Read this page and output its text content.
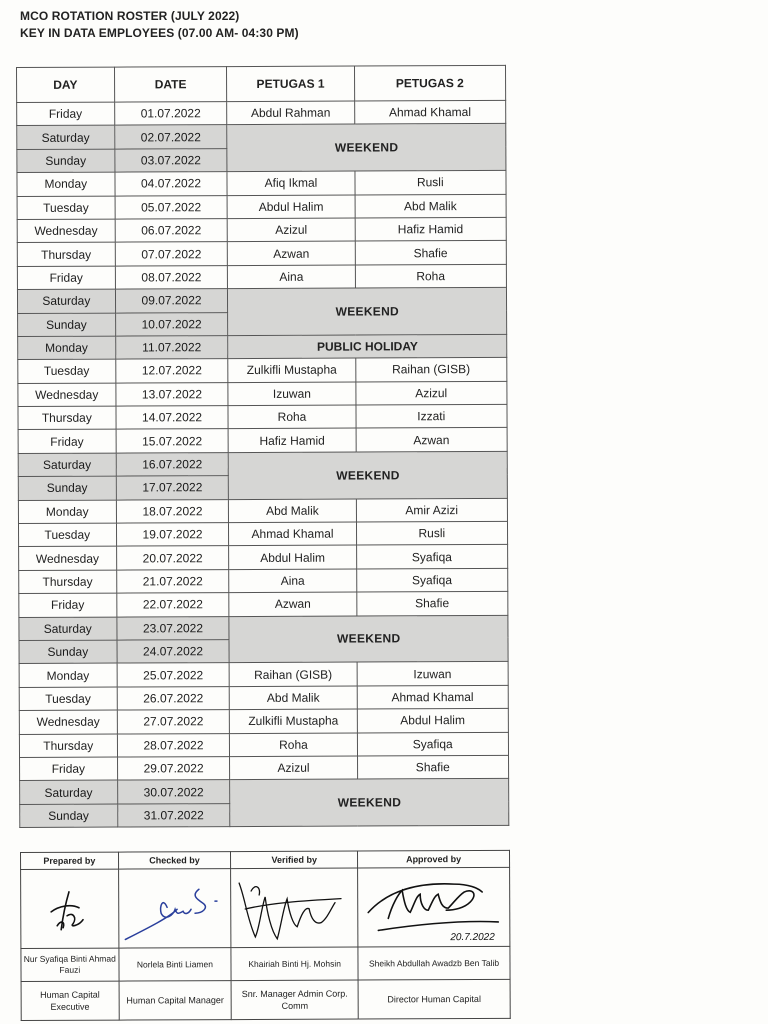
MCO ROTATION ROSTER (JULY 2022)
KEY IN DATA EMPLOYEES (07.00 AM- 04:30 PM)
DAY	DATE	PETUGAS 1	PETUGAS 2
Friday	01.07.2022	Abdul Rahman	Ahmad Khamal
Saturday	02.07.2022	WEEKEND	
Sunday	03.07.2022		
Monday	04.07.2022	Afiq Ikmal	Rusli
Tuesday	05.07.2022	Abdul Halim	Abd Malik
Wednesday	06.07.2022	Azizul	Hafiz Hamid
Thursday	07.07.2022	Azwan	Shafie
Friday	08.07.2022	Aina	Roha
Saturday	09.07.2022	WEEKEND	
Sunday	10.07.2022		
Monday	11.07.2022	PUBLIC HOLIDAY	
Tuesday	12.07.2022	Zulkifli Mustapha	Raihan (GISB)
Wednesday	13.07.2022	Izuwan	Azizul
Thursday	14.07.2022	Roha	Izzati
Friday	15.07.2022	Hafiz Hamid	Azwan
Saturday	16.07.2022	WEEKEND	
Sunday	17.07.2022		
Monday	18.07.2022	Abd Malik	Amir Azizi
Tuesday	19.07.2022	Ahmad Khamal	Rusli
Wednesday	20.07.2022	Abdul Halim	Syafiqa
Thursday	21.07.2022	Aina	Syafiqa
Friday	22.07.2022	Azwan	Shafie
Saturday	23.07.2022	WEEKEND	
Sunday	24.07.2022		
Monday	25.07.2022	Raihan (GISB)	Izuwan
Tuesday	26.07.2022	Abd Malik	Ahmad Khamal
Wednesday	27.07.2022	Zulkifli Mustapha	Abdul Halim
Thursday	28.07.2022	Roha	Syafiqa
Friday	29.07.2022	Azizul	Shafie
Saturday	30.07.2022	WEEKEND	
Sunday	31.07.2022		
Prepared by	Checked by	Verified by	Approved by

20.7.2022

Nur Syafiqa Binti Ahmad Fauzi	Norlela Binti Liamen	Khairiah Binti Hj. Mohsin	Sheikh Abdullah Awadzb Ben Talib
Human Capital Executive	Human Capital Manager	Snr. Manager Admin Corp. Comm	Director Human Capital
